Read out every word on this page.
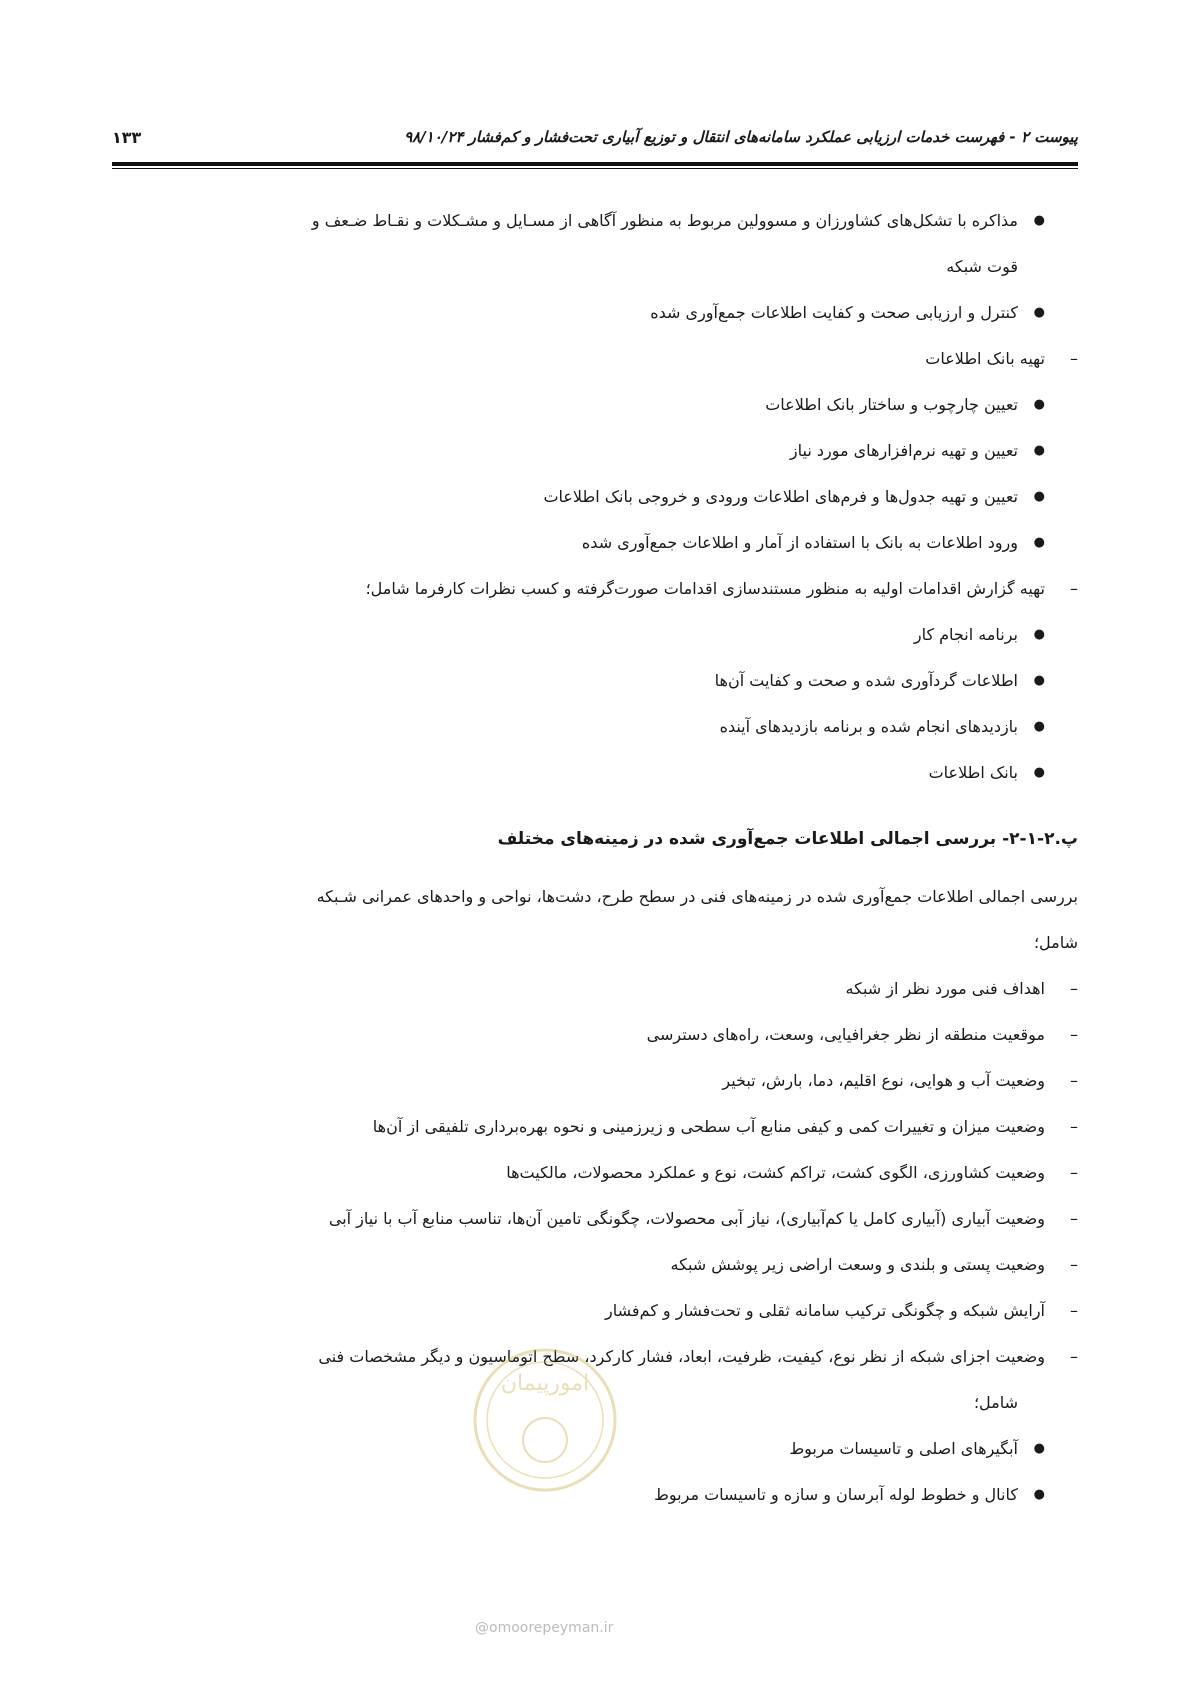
پیوست ۲ - فهرست خدمات ارزیابی عملکرد سامانه‌های انتقال و توزیع آبیاری تحت‌فشار و کم‌فشار ۹۸/۱۰/۲۴
۱۳۳
●
مذاکره با تشکل‌های کشاورزان و مسوولین مربوط به منظور آگاهی از مسـایل و مشـکلات و نقـاط ضـعف و
قوت شبکه
●
کنترل و ارزیابی صحت و کفایت اطلاعات جمع‌آوری شده
–
تهیه بانک اطلاعات
●
تعیین چارچوب و ساختار بانک اطلاعات
●
تعیین و تهیه نرم‌افزارهای مورد نیاز
●
تعیین و تهیه جدول‌ها و فرم‌های اطلاعات ورودی و خروجی بانک اطلاعات
●
ورود اطلاعات به بانک با استفاده از آمار و اطلاعات جمع‌آوری شده
–
تهیه گزارش اقدامات اولیه به منظور مستندسازی اقدامات صورت‌گرفته و کسب نظرات کارفرما شامل؛
●
برنامه انجام کار
●
اطلاعات گردآوری شده و صحت و کفایت آن‌ها
●
بازدیدهای انجام شده و برنامه بازدیدهای آینده
●
بانک اطلاعات
پ.۲-۱-۲- بررسی اجمالی اطلاعات جمع‌آوری شده در زمینه‌های مختلف
بررسی اجمالی اطلاعات جمع‌آوری شده در زمینه‌های فنی در سطح طرح، دشت‌ها، نواحی و واحدهای عمرانی شـبکه
شامل؛
–
اهداف فنی مورد نظر از شبکه
–
موقعیت منطقه از نظر جغرافیایی، وسعت، راه‌های دسترسی
–
وضعیت آب و هوایی، نوع اقلیم، دما، بارش، تبخیر
–
وضعیت میزان و تغییرات کمی و کیفی منابع آب سطحی و زیرزمینی و نحوه بهره‌برداری تلفیقی از آن‌ها
–
وضعیت کشاورزی، الگوی کشت، تراکم کشت، نوع و عملکرد محصولات، مالکیت‌ها
–
وضعیت آبیاری (آبیاری کامل یا کم‌آبیاری)، نیاز آبی محصولات، چگونگی تامین آن‌ها، تناسب منابع آب با نیاز آبی
–
وضعیت پستی و بلندی و وسعت اراضی زیر پوشش شبکه
–
آرایش شبکه و چگونگی ترکیب سامانه ثقلی و تحت‌فشار و کم‌فشار
–
وضعیت اجزای شبکه از نظر نوع، کیفیت، ظرفیت، ابعاد، فشار کارکرد، سطح اتوماسیون و دیگر مشخصات فنی
شامل؛
●
آبگیرهای اصلی و تاسیسات مربوط
●
کانال و خطوط لوله آبرسان و سازه و تاسیسات مربوط
امورپیمان
@omoorepeyman.ir
